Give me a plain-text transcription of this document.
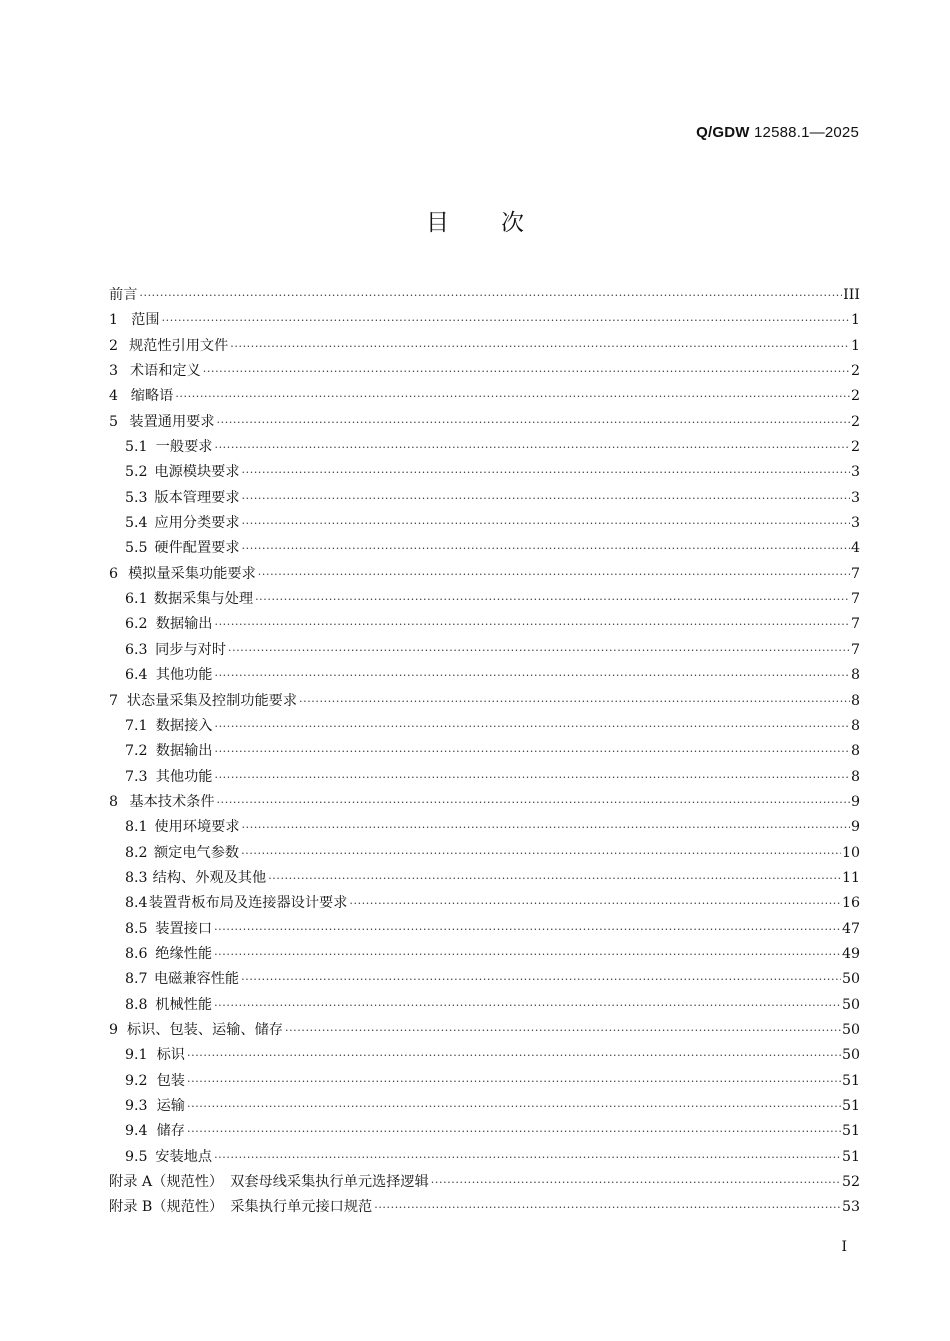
Q/GDW 12588.1—2025
目次
前言 ·····	III
1 范围 ·····	1
2 规范性引用文件 ·····	1
3 术语和定义 ·····	2
4 缩略语 ·····	2
5 装置通用要求 ·····	2
5.1 一般要求 ·····	2
5.2 电源模块要求 ·····	3
5.3 版本管理要求 ·····	3
5.4 应用分类要求 ·····	3
5.5 硬件配置要求 ·····	4
6 模拟量采集功能要求 ·····	7
6.1 数据采集与处理 ·····	7
6.2 数据输出 ·····	7
6.3 同步与对时 ·····	7
6.4 其他功能 ·····	8
7 状态量采集及控制功能要求 ·····	8
7.1 数据接入 ·····	8
7.2 数据输出 ·····	8
7.3 其他功能 ·····	8
8 基本技术条件 ·····	9
8.1 使用环境要求 ·····	9
8.2 额定电气参数 ·····	10
8.3 结构、外观及其他 ·····	11
8.4 装置背板布局及连接器设计要求 ·····	16
8.5 装置接口 ·····	47
8.6 绝缘性能 ·····	49
8.7 电磁兼容性能 ·····	50
8.8 机械性能 ·····	50
9 标识、包装、运输、储存 ·····	50
9.1 标识 ·····	50
9.2 包装 ·····	51
9.3 运输 ·····	51
9.4 储存 ·····	51
9.5 安装地点 ·····	51
附录 A（规范性）　双套母线采集执行单元选择逻辑 ·····	52
附录 B（规范性）　采集执行单元接口规范 ·····	53
I
